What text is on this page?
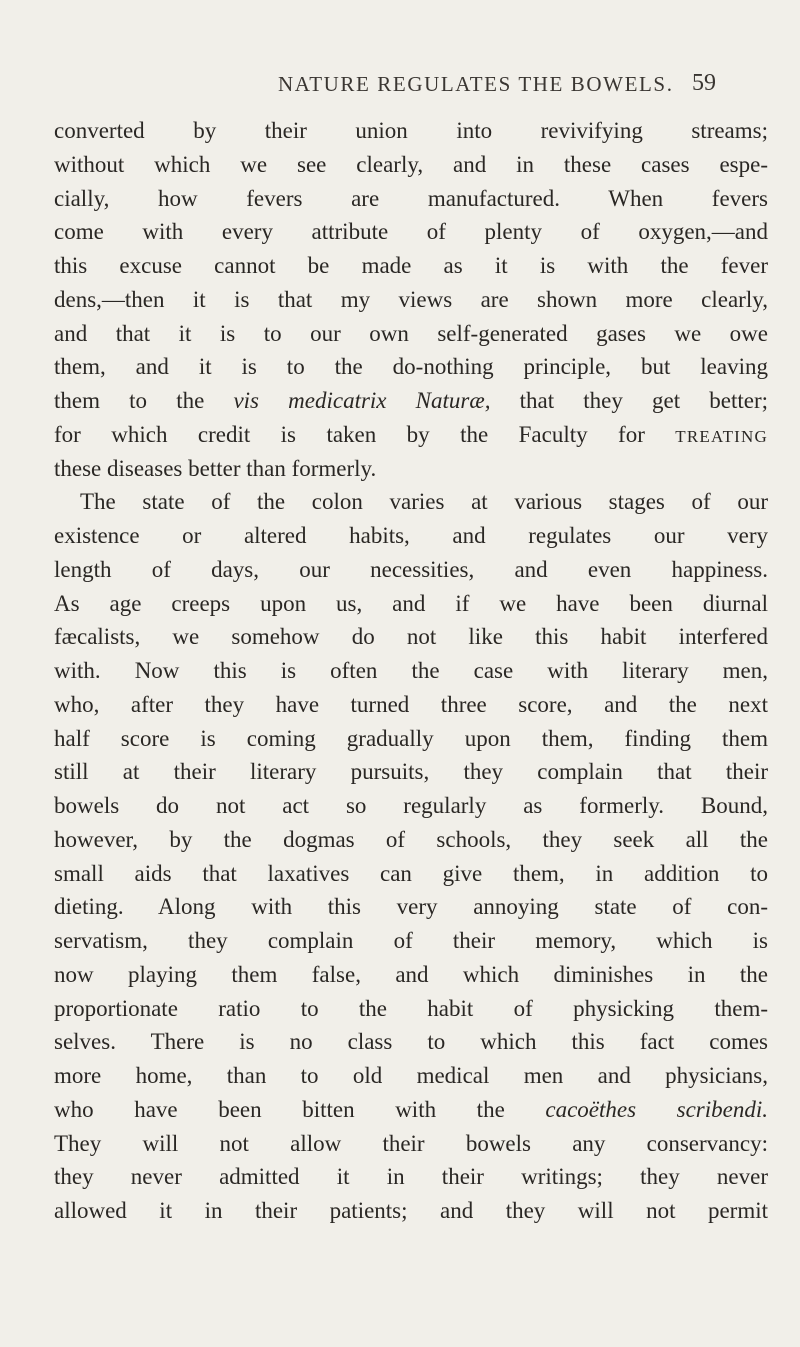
NATURE REGULATES THE BOWELS. 59
converted by their union into revivifying streams;
without which we see clearly, and in these cases espe-
cially, how fevers are manufactured. When fevers
come with every attribute of plenty of oxygen,—and
this excuse cannot be made as it is with the fever
dens,—then it is that my views are shown more clearly,
and that it is to our own self-generated gases we owe
them, and it is to the do-nothing principle, but leaving
them to the vis medicatrix Naturæ, that they get better;
for which credit is taken by the Faculty for TREATING
these diseases better than formerly.
The state of the colon varies at various stages of our
existence or altered habits, and regulates our very
length of days, our necessities, and even happiness.
As age creeps upon us, and if we have been diurnal
fæcalists, we somehow do not like this habit interfered
with. Now this is often the case with literary men,
who, after they have turned three score, and the next
half score is coming gradually upon them, finding them
still at their literary pursuits, they complain that their
bowels do not act so regularly as formerly. Bound,
however, by the dogmas of schools, they seek all the
small aids that laxatives can give them, in addition to
dieting. Along with this very annoying state of con-
servatism, they complain of their memory, which is
now playing them false, and which diminishes in the
proportionate ratio to the habit of physicking them-
selves. There is no class to which this fact comes
more home, than to old medical men and physicians,
who have been bitten with the cacoëthes scribendi.
They will not allow their bowels any conservancy:
they never admitted it in their writings; they never
allowed it in their patients; and they will not permit
